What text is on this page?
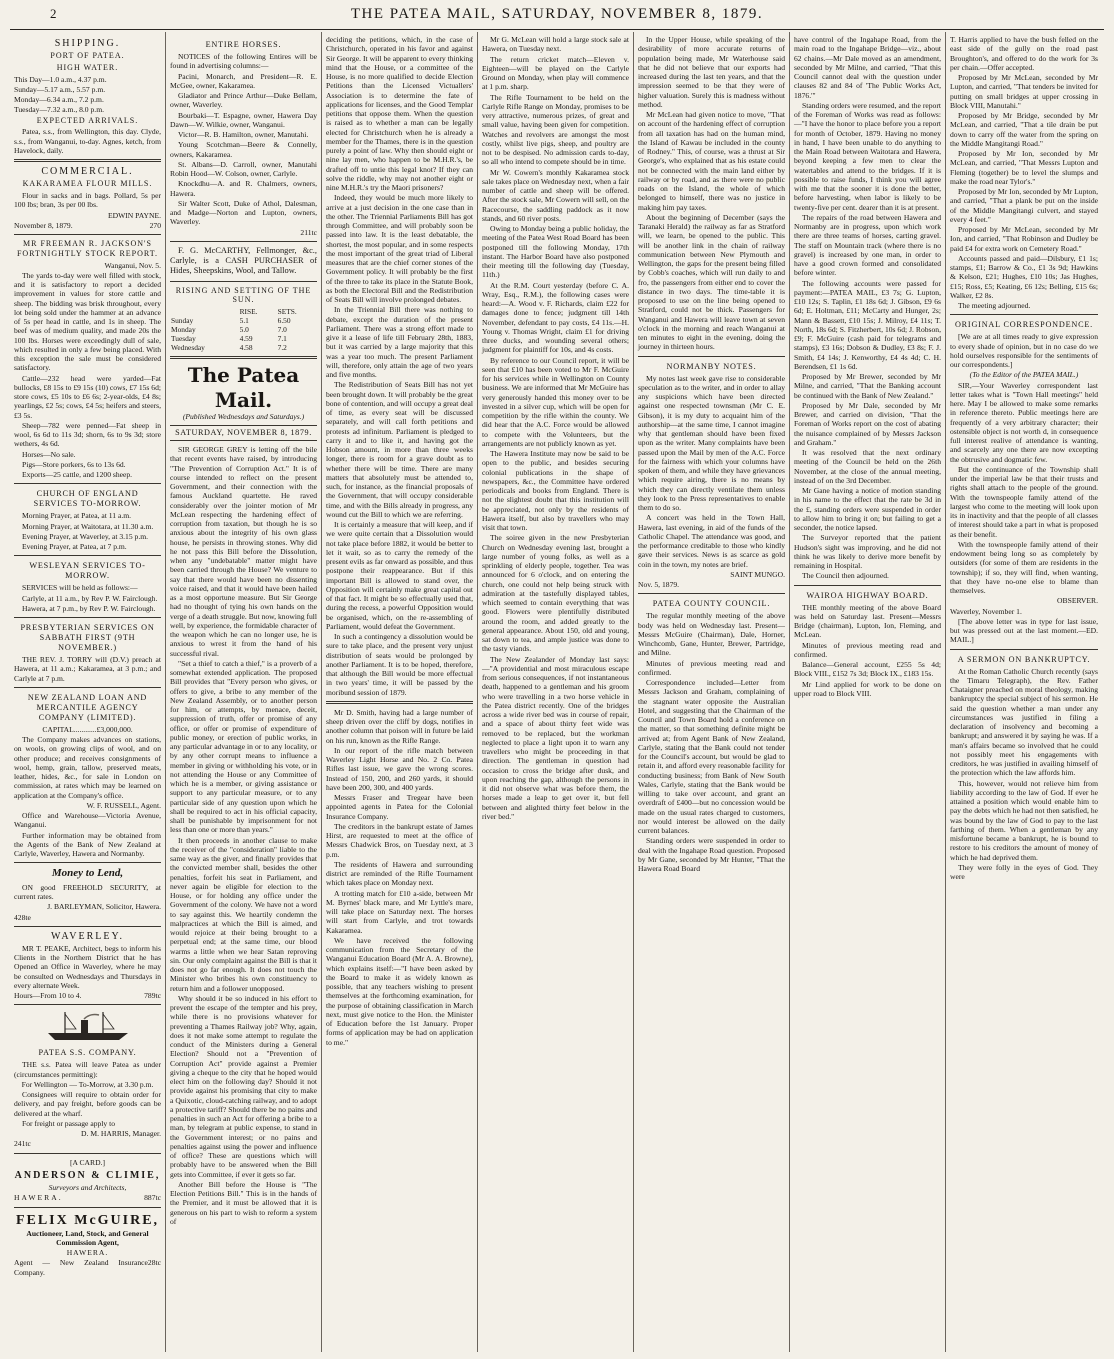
2	THE PATEA MAIL, SATURDAY, NOVEMBER 8, 1879.
SHIPPING.
PORT OF PATEA.
HIGH WATER.

This Day—1.0 a.m., 4.37 p.m.

Sunday—5.17 a.m., 5.57 p.m.

Monday—6.34 a.m., 7.2 p.m.

Tuesday—7.32 a.m., 8.0 p.m.

EXPECTED ARRIVALS.

Patea, s.s., from Wellington, this day. Clyde, s.s., from Wanganui, to-day. Agnes, ketch, from Havelock, daily.

COMMERCIAL.
KAKARAMEA FLOUR MILLS.

Flour in sacks and in bags. Pollard, 5s per 100 lbs; bran, 3s per 00 lbs.

EDWIN PAYNE.

November 8, 1879.	270

MR FREEMAN R. JACKSON'S FORTNIGHTLY STOCK REPORT.

Wanganui, Nov. 5.

The yards to-day were well filled with stock, and it is satisfactory to report a decided improvement in values for store cattle and sheep. The bidding was brisk throughout, every lot being sold under the hammer at an advance of 5s per head in cattle, and 1s in sheep. The beef was of medium quality, and made 20s the 100 lbs. Horses were exceedingly dull of sale, which resulted in only a few being placed. With this exception the sale must be considered satisfactory.

Cattle—232 head were yarded—Fat bullocks, £8 15s to £9 15s (10) cows, £7 15s 6d; store cows, £5 10s to £6 6s; 2-year-olds, £4 8s; yearlings, £2 5s; cows, £4 5s; heifers and steers, £3 5s.

Sheep—782 were penned—Fat sheep in wool, 6s 6d to 11s 3d; shorn, 6s to 9s 3d; store wethers, 4s 6d.

Horses—No sale.

Pigs—Store porkers, 6s to 13s 6d.

Exports—25 cattle, and 1200 sheep.

CHURCH OF ENGLAND SERVICES TO-MORROW.

Morning Prayer, at Patea, at 11 a.m.

Morning Prayer, at Waitotara, at 11.30 a.m.

Evening Prayer, at Waverley, at 3.15 p.m.

Evening Prayer, at Patea, at 7 p.m.

WESLEYAN SERVICES TO-MORROW.

SERVICES will be held as follows:—

Carlyle, at 11 a.m., by Rev P. W. Fairclough.

Hawera, at 7 p.m., by Rev P. W. Fairclough.

PRESBYTERIAN SERVICES ON SABBATH FIRST (9TH NOVEMBER.)

THE REV. J. TORRY will (D.V.) preach at Hawera, at 11 a.m.; Kakaramea, at 3 p.m.; and Carlyle at 7 p.m.

NEW ZEALAND LOAN AND MERCANTILE AGENCY COMPANY (LIMITED).

CAPITAL............£3,000,000.

The Company makes advances on stations, on wools, on growing clips of wool, and on other produce; and receives consignments of wool, hemp, grain, tallow, preserved meats, leather, hides, &c., for sale in London on commission, at rates which may be learned on application at the Company's office.

W. F. RUSSELL, Agent.

Office and Warehouse—Victoria Avenue, Wanganui.

Further information may be obtained from the Agents of the Bank of New Zealand at Carlyle, Waverley, Hawera and Normanby.

Money to Lend,

ON good FREEHOLD SECURITY, at current rates.

J. BARLEYMAN, Solicitor, Hawera.

428te

WAVERLEY.

MR T. PEAKE, Architect, begs to inform his Clients in the Northern District that he has Opened an Office in Waverley, where he may be consulted on Wednesdays and Thursdays in every alternate Week.

Hours—From 10 to 4.	789tc

PATEA S.S. COMPANY.

THE s.s. Patea will leave Patea as under (circumstances permitting):

For Wellington — To-Morrow, at 3.30 p.m.

Consignees will require to obtain order for delivery, and pay freight, before goods can be delivered at the wharf.

For freight or passage apply to

D. M. HARRIS, Manager.

241tc

[A CARD.]

ANDERSON & CLIMIE,

Surveyors and Architects,

HAWERA.	887tc

FELIX McGUIRE,

Auctioneer, Land, Stock, and General Commission Agent,

HAWERA.

Agent — New Zealand Insurance Company.
28tc

ENTIRE HORSES.

NOTICES of the following Entires will be found in advertising columns:—

Pacini, Monarch, and President—R. E. McGee, owner, Kakaramea.

Gladiator and Prince Arthur—Duke Bellam, owner, Waverley.

Bourbaki—T. Espagne, owner, Hawera Day Dawn—W. Wilkie, owner, Wanganui.

Victor—R. B. Hamilton, owner, Manutahi.

Young Scotchman—Beere & Connelly, owners, Kakaramea.

St. Albans—D. Carroll, owner, Manutahi Robin Hood—W. Colson, owner, Carlyle.

Knockdhu—A. and R. Chalmers, owners, Hawera.

Sir Walter Scott, Duke of Athol, Dalesman, and Madge—Norton and Lupton, owners, Waverley.

211tc

F. G. McCARTHY, Fellmonger, &c., Carlyle, is a CASH PURCHASER of Hides, Sheepskins, Wool, and Tallow.

RISING AND SETTING OF THE SUN.
	RISE.	SETS.
Sunday	5.1	6.50
Monday	5.0	7.0
Tuesday	4.59	7.1
Wednesday	4.58	7.2
The Patea Mail.
(Published Wednesdays and Saturdays.)
SATURDAY, NOVEMBER 8, 1879.

SIR GEORGE GREY is letting off the bile that recent events have raised, by introducing "The Prevention of Corruption Act." It is of course intended to reflect on the present Government, and their connection with the famous Auckland quartette. He raved considerably over the jointer motion of Mr McLean respecting the hardening effect of corruption from taxation, but though he is so anxious about the integrity of his own glass house, he persists in throwing stones. Why did he not pass this Bill before the Dissolution, when any "undebatable" matter might have been carried through the House? We venture to say that there would have been no dissenting voice raised, and that it would have been hailed as a most opportune measure. But Sir George had no thought of tying his own hands on the verge of a death struggle. But now, knowing full well, by experience, the formidable character of the weapon which he can no longer use, he is anxious to wrest it from the hand of his successful rival.

"Set a thief to catch a thief," is a proverb of a somewhat extended application. The proposed Bill provides that "Every person who gives, or offers to give, a bribe to any member of the New Zealand Assembly, or to another person for him, or attempts, by menace, deceit, suppression of truth, offer or promise of any office, or offer or promise of expenditure of public money, or erection of public works, in any particular advantage in or to any locality, or by any other corrupt means to influence a member in giving or withholding his vote, or in not attending the House or any Committee of which he is a member, or giving assistance or support to any particular measure, or to any particular side of any question upon which he shall be required to act in his official capacity, shall be punishable by imprisonment for not less than one or more than years."

It then proceeds in another clause to make the receiver of the "consideration" liable to the same way as the giver, and finally provides that the convicted member shall, besides the other penalties, forfeit his seat in Parliament, and never again be eligible for election to the House, or for holding any office under the Government of the colony. We have not a word to say against this. We heartily condemn the malpractices at which the Bill is aimed, and would rejoice at their being brought to a perpetual end; at the same time, our blood warms a little when we hear Satan reproving sin. Our only complaint against the Bill is that it does not go far enough. It does not touch the Minister who bribes his own constituency to return him and a follower unopposed.

Why should it be so induced in his effort to prevent the escape of the tempter and his prey, while there is no provisions whatever for preventing a Thames Railway job? Why, again, does it not make some attempt to regulate the conduct of the Ministers during a General Election? Should not a "Prevention of Corruption Act" provide against a Premier giving a cheque to the city that he hoped would elect him on the following day? Should it not provide against his promising that city to make a Quixotic, cloud-catching railway, and to adopt a protective tariff? Should there be no pains and penalties in such an Act for offering a bribe to a man, by telegram at public expense, to stand in the Government interest; or no pains and penalties against using the power and influence of office? These are questions which will probably have to be answered when the Bill gets into Committee, if ever it gets so far.

Another Bill before the House is "The Election Petitions Bill." This is in the hands of the Premier, and it must be allowed that it is generous on his part to wish to reform a system of

deciding the petitions, which, in the case of Christchurch, operated in his favor and against Sir George. It will be apparent to every thinking mind that the House, or a committee of the House, is no more qualified to decide Election Petitions than the Licensed Victuallers' Association is to determine the fate of applications for licenses, and the Good Templar petitions that oppose them. When the question is raised as to whether a man can be legally elected for Christchurch when he is already a member for the Thames, there is in the question purely a point of law. Why then should eight or nine lay men, who happen to be M.H.R.'s, be drafted off to untie this legal knot? If they can solve the riddle, why may not another eight or nine M.H.R.'s try the Maori prisoners?

Indeed, they would be much more likely to arrive at a just decision in the one case than in the other. The Triennial Parliaments Bill has got through Committee, and will probably soon be passed into law. It is the least debatable, the shortest, the most popular, and in some respects the most important of the great triad of Liberal measures that are the chief corner stones of the Government policy. It will probably be the first of the three to take its place in the Statute Book, as both the Electoral Bill and the Redistribution of Seats Bill will involve prolonged debates.

In the Triennial Bill there was nothing to debate, except the duration of the present Parliament. There was a strong effort made to give it a lease of life till February 28th, 1883, but it was carried by a large majority that this was a year too much. The present Parliament will, therefore, only attain the age of two years and five months.

The Redistribution of Seats Bill has not yet been brought down. It will probably be the great bone of contention, and will occupy a great deal of time, as every seat will be discussed separately, and will call forth petitions and protests ad infinitum. Parliament is pledged to carry it and to like it, and having got the Hobson amount, in more than three weeks longer, there is room for a grave doubt as to whether there will be time. There are many matters that absolutely must be attended to, such, for instance, as the financial proposals of the Government, that will occupy considerable time, and with the Bills already in progress, any wound cut the Bill to which we are referring.

It is certainly a measure that will keep, and if we were quite certain that a Dissolution would not take place before 1882, it would be better to let it wait, so as to carry the remedy of the present evils as far onward as possible, and thus postpone their reappearance. But if this important Bill is allowed to stand over, the Opposition will certainly make great capital out of that fact. It might be so effectually used that, during the recess, a powerful Opposition would be organised, which, on the re-assembling of Parliament, would defeat the Government.

In such a contingency a dissolution would be sure to take place, and the present very unjust distribution of seats would be prolonged by another Parliament. It is to be hoped, therefore, that although the Bill would be more effectual in two years' time, it will be passed by the moribund session of 1879.

Mr D. Smith, having had a large number of sheep driven over the cliff by dogs, notifies in another column that poison will in future be laid on his run, known as the Rifle Range.

In our report of the rifle match between Waverley Light Horse and No. 2 Co. Patea Rifles last issue, we gave the wrong scores. Instead of 150, 200, and 260 yards, it should have been 200, 300, and 400 yards.

Messrs Fraser and Tregear have been appointed agents in Patea for the Colonial Insurance Company.

The creditors in the bankrupt estate of James Hirst, are requested to meet at the office of Messrs Chadwick Bros, on Tuesday next, at 3 p.m.

The residents of Hawera and surrounding district are reminded of the Rifle Tournament which takes place on Monday next.

A trotting match for £10 a-side, between Mr M. Byrnes' black mare, and Mr Lyttle's mare, will take place on Saturday next. The horses will start from Carlyle, and trot towards Kakaramea.

We have received the following communication from the Secretary of the Wanganui Education Board (Mr A. A. Browne), which explains itself:—"I have been asked by the Board to make it as widely known as possible, that any teachers wishing to present themselves at the forthcoming examination, for the purpose of obtaining classification in March next, must give notice to the Hon. the Minister of Education before the 1st January. Proper forms of application may be had on application to me."

Mr G. McLean will hold a large stock sale at Hawera, on Tuesday next.

The return cricket match—Eleven v. Eighteen—will be played on the Carlyle Ground on Monday, when play will commence at 1 p.m. sharp.

The Rifle Tournament to be held on the Carlyle Rifle Range on Monday, promises to be very attractive, numerous prizes, of great and small value, having been given for competition. Watches and revolvers are amongst the most costly, whilst live pigs, sheep, and poultry are not to be despised. No admission cards to-day, so all who intend to compete should be in time.

Mr W. Cowern's monthly Kakaramea stock sale takes place on Wednesday next, when a fair number of cattle and sheep will be offered. After the stock sale, Mr Cowern will sell, on the Racecourse, the saddling paddock as it now stands, and 60 river posts.

Owing to Monday being a public holiday, the meeting of the Patea West Road Board has been postponed till the following Monday, 17th instant. The Harbor Board have also postponed their meeting till the following day (Tuesday, 11th.)

At the R.M. Court yesterday (before C. A. Wray, Esq., R.M.), the following cases were heard:—A. Wood v. F. Richards, claim £22 for damages done to fence; judgment till 14th November, defendant to pay costs, £4 11s.—H. Young v. Thomas Wright, claim £1 for driving three ducks, and wounding several others; judgment for plaintiff for 10s, and 4s costs.

By reference to our Council report, it will be seen that £10 has been voted to Mr F. McGuire for his services while in Wellington on County business. We are informed that Mr McGuire has very generously handed this money over to be invested in a silver cup, which will be open for competition by the rifle within the county. We did hear that the A.C. Force would be allowed to compete with the Volunteers, but the arrangements are not publicly known as yet.

The Hawera Institute may now be said to be open to the public, and besides securing colonial publications in the shape of newspapers, &c., the Committee have ordered periodicals and books from England. There is not the slightest doubt that this institution will be appreciated, not only by the residents of Hawera itself, but also by travellers who may visit that town.

The soiree given in the new Presbyterian Church on Wednesday evening last, brought a large number of young folks, as well as a sprinkling of elderly people, together. Tea was announced for 6 o'clock, and on entering the church, one could not help being struck with admiration at the tastefully displayed tables, which seemed to contain everything that was good. Flowers were plentifully distributed around the room, and added greatly to the general appearance. About 150, old and young, sat down to tea, and ample justice was done to the tasty viands.

The New Zealander of Monday last says:—"A providential and most miraculous escape from serious consequences, if not instantaneous death, happened to a gentleman and his groom who were travelling in a two horse vehicle in the Patea district recently. One of the bridges across a wide river bed was in course of repair, and a space of about thirty feet wide was removed to be replaced, but the workman neglected to place a light upon it to warn any travellers who might be proceeding in that direction. The gentleman in question had occasion to cross the bridge after dusk, and upon reaching the gap, although the persons in it did not observe what was before them, the horses made a leap to get over it, but fell between and alighted thirty feet below in the river bed."

In the Upper House, while speaking of the desirability of more accurate returns of population being made, Mr Waterhouse said that he did not believe that our exports had increased during the last ten years, and that the impression seemed to be that they were of higher valuation. Surely this is madness without method.

Mr McLean had given notice to move, "That on account of the hardening effect of corruption from all taxation has had on the human mind, the Island of Kawau be included in the county of Rodney." This, of course, was a thrust at Sir George's, who explained that as his estate could not be connected with the main land either by railway or by road, and as there were no public roads on the Island, the whole of which belonged to himself, there was no justice in making him pay taxes.

About the beginning of December (says the Taranaki Herald) the railway as far as Stratford will, we learn, be opened to the public. This will be another link in the chain of railway communication between New Plymouth and Wellington, the gaps for the present being filled by Cobb's coaches, which will run daily to and fro, the passengers from either end to cover the distance in two days. The time-table it is proposed to use on the line being opened to Stratford, could not be thick. Passengers for Wanganui and Hawera will leave town at seven o'clock in the morning and reach Wanganui at ten minutes to eight in the evening, doing the journey in thirteen hours.

NORMANBY NOTES.

My notes last week gave rise to considerable speculation as to the writer, and in order to allay any suspicions which have been directed against one respected townsman (Mr C. E. Gibson), it is my duty to acquaint him of the authorship—at the same time, I cannot imagine why that gentleman should have been fixed upon as the writer. Many complaints have been passed upon the Mail by men of the A.C. Force for the fairness with which your columns have spoken of them, and while they have grievances which require airing, there is no means by which they can directly ventilate them unless they look to the Press representatives to enable them to do so.

A concert was held in the Town Hall, Hawera, last evening, in aid of the funds of the Catholic Chapel. The attendance was good, and the performance creditable to those who kindly gave their services. News is as scarce as gold coin in the town, my notes are brief.

SAINT MUNGO.

Nov. 5, 1879.

PATEA COUNTY COUNCIL.

The regular monthly meeting of the above body was held on Wednesday last. Present—Messrs McGuire (Chairman), Dale, Horner, Winchcomb, Gane, Hunter, Brewer, Partridge, and Milne.

Minutes of previous meeting read and confirmed.

Correspondence included—Letter from Messrs Jackson and Graham, complaining of the stagnant water opposite the Australian Hotel, and suggesting that the Chairman of the Council and Town Board hold a conference on the matter, so that something definite might be arrived at; from Agent Bank of New Zealand, Carlyle, stating that the Bank could not tender for the Council's account, but would be glad to retain it, and afford every reasonable facility for conducting business; from Bank of New South Wales, Carlyle, stating that the Bank would be willing to take over account, and grant an overdraft of £400—but no concession would be made on the usual rates charged to customers, nor would interest be allowed on the daily current balances.

Standing orders were suspended in order to deal with the Ingahape Road question. Proposed by Mr Gane, seconded by Mr Hunter, "That the Hawera Road Board

have control of the Ingahape Road, from the main road to the Ingahape Bridge—viz., about 62 chains.—Mr Dale moved as an amendment, seconded by Mr Milne, and carried, "That this Council cannot deal with the question under clauses 82 and 84 of 'The Public Works Act, 1876.'"

Standing orders were resumed, and the report of the Foreman of Works was read as follows:—"I have the honor to place before you a report for month of October, 1879. Having no money in hand, I have been unable to do anything to the Main Road between Waitotara and Hawera, beyond keeping a few men to clear the watertables and attend to the bridges. If it is possible to raise funds, I think you will agree with me that the sooner it is done the better, before harvesting, when labor is likely to be twenty-five per cent. dearer than it is at present.

The repairs of the road between Hawera and Normanby are in progress, upon which work there are three teams of horses, carting gravel. The staff on Mountain track (where there is no gravel) is increased by one man, in order to have a good crown formed and consolidated before winter.

The following accounts were passed for payment:—PATEA MAIL, £3 7s; G. Lupton, £10 12s; S. Taplin, £1 18s 6d; J. Gibson, £9 6s 6d; E. Holtman, £11; McCarty and Hunger, 2s; Mann & Bassett, £10 15s; J. Milroy, £4 11s; T. North, 18s 6d; S. Fitzherbert, 10s 6d; J. Robson, £9; F. McGuire (cash paid for telegrams and stamps), £3 16s; Dobson & Dudley, £3 8s; F. J. Smith, £4 14s; J. Kenworthy, £4 4s 4d; C. H. Berendsen, £1 1s 6d.

Proposed by Mr Brewer, seconded by Mr Milne, and carried, "That the Banking account be continued with the Bank of New Zealand."

Proposed by Mr Dale, seconded by Mr Brewer, and carried on division, "That the Foreman of Works report on the cost of abating the nuisance complained of by Messrs Jackson and Graham."

It was resolved that the next ordinary meeting of the Council be held on the 26th November, at the close of the annual meeting, instead of on the 3rd December.

Mr Gane having a notice of motion standing in his name to the effect that the rate be 3d in the £, standing orders were suspended in order to allow him to bring it on; but failing to get a seconder, the notice lapsed.

The Surveyor reported that the patient Hudson's sight was improving, and he did not think he was likely to derive more benefit by remaining in Hospital.

The Council then adjourned.

WAIROA HIGHWAY BOARD.

THE monthly meeting of the above Board was held on Saturday last. Present—Messrs Bridge (chairman), Lupton, Ion, Fleming, and McLean.

Minutes of previous meeting read and confirmed.

Balance—General account, £255 5s 4d; Block VIII., £152 7s 3d; Block IX., £183 15s.

Mr Lind applied for work to be done on upper road to Block VIII.

T. Harris applied to have the bush felled on the east side of the gully on the road past Broughton's, and offered to do the work for 3s per chain.—Offer accepted.

Proposed by Mr McLean, seconded by Mr Lupton, and carried, "That tenders be invited for putting on small bridges at upper crossing in Block VIII, Manutahi."

Proposed by Mr Bridge, seconded by Mr McLean, and carried, "That a tile drain be put down to carry off the water from the spring on the Middle Mangitangi Road."

Proposed by Mr Ion, seconded by Mr McLean, and carried, "That Messrs Lupton and Fleming (together) be to level the slumps and make the road near Tylor's."

Proposed by Mr Ion, seconded by Mr Lupton, and carried, "That a plank be put on the inside of the Middle Mangitangi culvert, and stayed every 4 feet."

Proposed by Mr McLean, seconded by Mr Ion, and carried, "That Robinson and Dudley be paid £4 for extra work on Cemetery Road."

Accounts passed and paid—Dilsbury, £1 1s; stamps, £1; Barrow & Co., £1 3s 9d; Hawkins & Kelson, £21; Hughes, £10 10s; Jas Hughes, £15; Ross, £5; Keating, £6 12s; Belling, £15 6s; Walker, £2 8s.

The meeting adjourned.

ORIGINAL CORRESPONDENCE.

[We are at all times ready to give expression to every shade of opinion, but in no case do we hold ourselves responsible for the sentiments of our correspondents.]

(To the Editor of the PATEA MAIL.)

SIR,—Your Waverley correspondent last letter takes what is "Town Hall meetings" held here. May I be allowed to make some remarks in reference thereto. Public meetings here are frequently of a very arbitrary character; their ostensible object is not worth d, in consequence full interest realive of attendance is wanting, and scarcely any one there are now excepting the obtrusive and dogmatic few.

But the continuance of the Township shall under the imperial law be that their trusts and rights shall attach to the people of the ground. With the townspeople family attend of the largest who come to the meeting will look upon its in inactivity and that the people of all classes of interest should take a part in what is proposed as their benefit.

With the townspeople family attend of their endowment being long so as completely by outsiders (for some of them are residents in the township); if so, they will find, when wanting, that they have no-one else to blame than themselves.

OBSERVER.

Waverley, November 1.

[The above letter was in type for last issue, but was pressed out at the last moment.—ED. MAIL.]

A SERMON ON BANKRUPTCY.

At the Roman Catholic Church recently (says the Timaru Telegraph), the Rev. Father Chataigner preached on moral theology, making bankruptcy the special subject of his sermon. He said the question whether a man under any circumstances was justified in filing a declaration of insolvency and becoming a bankrupt; and answered it by saying he was. If a man's affairs became so involved that he could not possibly meet his engagements with creditors, he was justified in availing himself of the protection which the law affords him.

This, however, would not relieve him from liability according to the law of God. If ever he attained a position which would enable him to pay the debts which he had not then satisfied, he was bound by the law of God to pay to the last farthing of them. When a gentleman by any misfortune became a bankrupt, he is bound to restore to his creditors the amount of money of which he had deprived them.

They were folly in the eyes of God. They were
